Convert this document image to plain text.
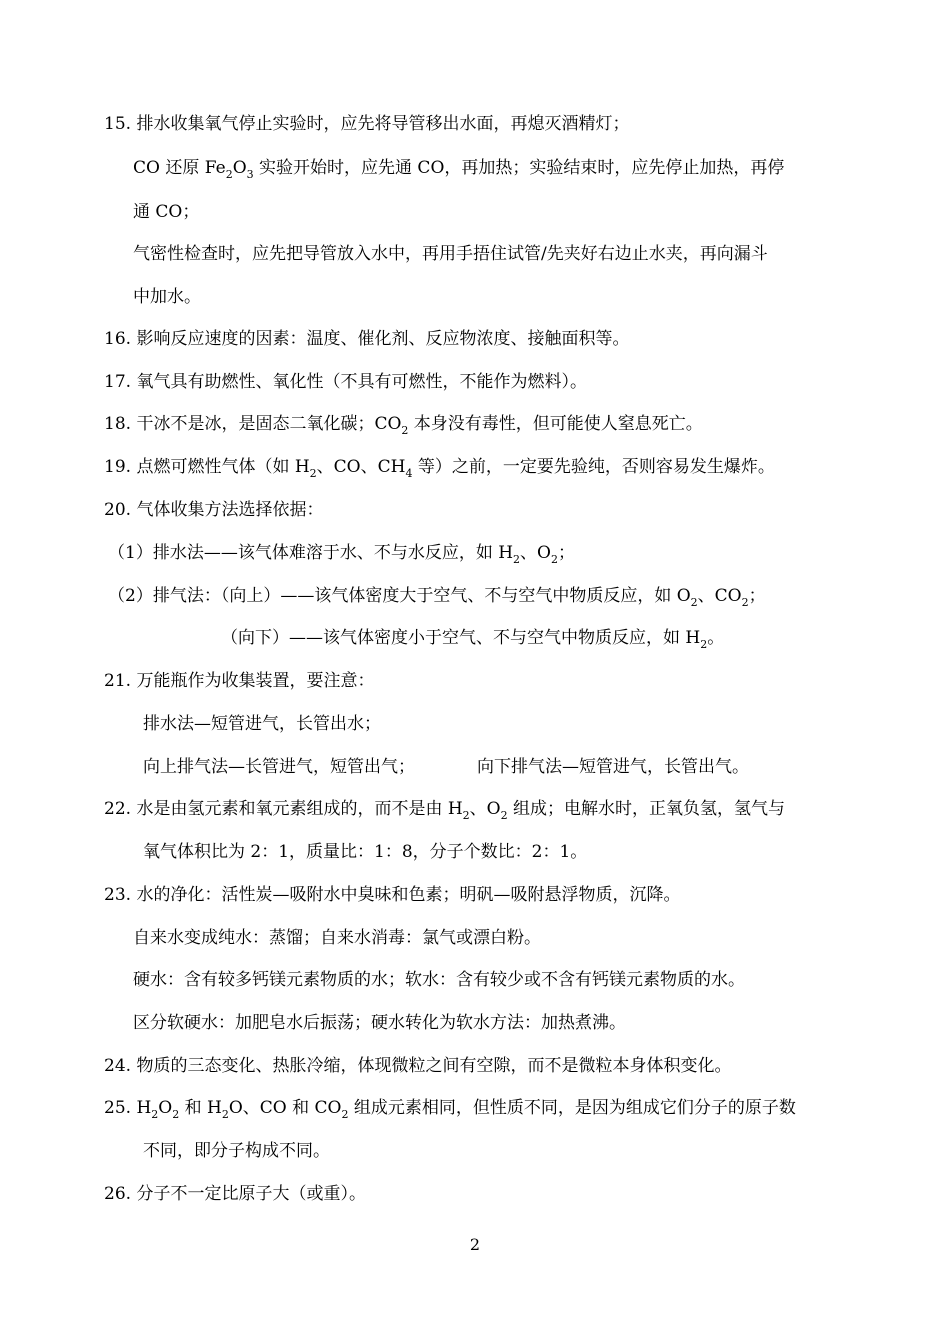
15. 排水收集氧气停止实验时，应先将导管移出水面，再熄灭酒精灯；
CO 还原 $Fe_2O_3$ 实验开始时，应先通 CO，再加热；实验结束时，应先停止加热，再停
通 CO；
气密性检查时，应先把导管放入水中，再用手捂住试管/先夹好右边止水夹，再向漏斗
中加水。
16. 影响反应速度的因素：温度、催化剂、反应物浓度、接触面积等。
17. 氧气具有助燃性、氧化性（不具有可燃性，不能作为燃料）。
18. 干冰不是冰，是固态二氧化碳；$CO_2$ 本身没有毒性，但可能使人窒息死亡。
19. 点燃可燃性气体（如 $H_2$、CO、$CH_4$ 等）之前，一定要先验纯，否则容易发生爆炸。
20. 气体收集方法选择依据：
（1）排水法——该气体难溶于水、不与水反应，如 $H_2$、$O_2$；
（2）排气法：（向上）——该气体密度大于空气、不与空气中物质反应，如 $O_2$、$CO_2$；
（向下）——该气体密度小于空气、不与空气中物质反应，如 $H_2$。
21. 万能瓶作为收集装置，要注意：
排水法—短管进气，长管出水；
向上排气法—长管进气，短管出气；	向下排气法—短管进气，长管出气。
22. 水是由氢元素和氧元素组成的，而不是由 $H_2$、$O_2$ 组成；电解水时，正氧负氢，氢气与
氧气体积比为 2：1，质量比：1：8，分子个数比：2：1。
23. 水的净化：活性炭—吸附水中臭味和色素；明矾—吸附悬浮物质，沉降。
自来水变成纯水：蒸馏；自来水消毒：氯气或漂白粉。
硬水：含有较多钙镁元素物质的水；软水：含有较少或不含有钙镁元素物质的水。
区分软硬水：加肥皂水后振荡；硬水转化为软水方法：加热煮沸。
24. 物质的三态变化、热胀冷缩，体现微粒之间有空隙，而不是微粒本身体积变化。
25. $H_2O_2$ 和 $H_2O$、CO 和 $CO_2$ 组成元素相同，但性质不同，是因为组成它们分子的原子数
不同，即分子构成不同。
26. 分子不一定比原子大（或重）。
2
